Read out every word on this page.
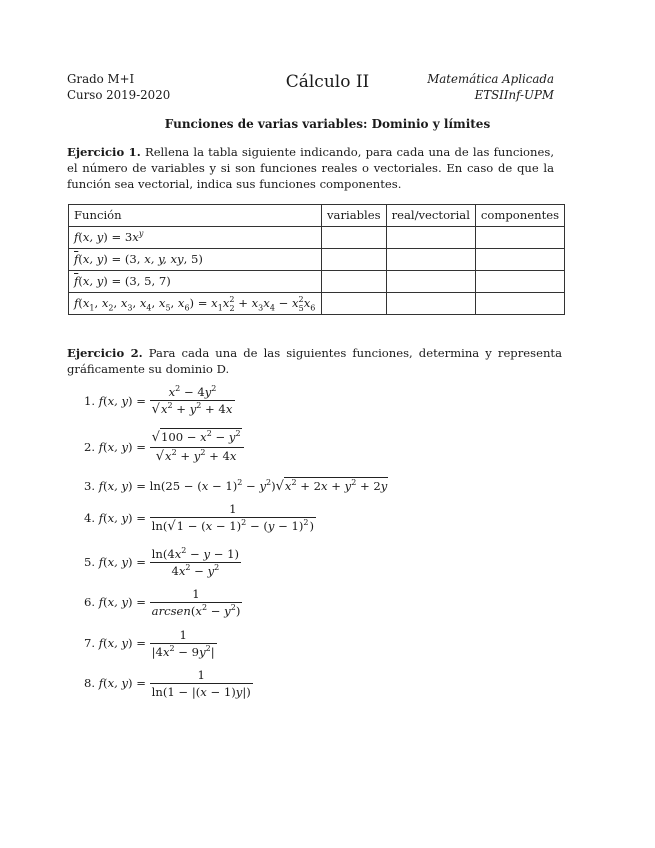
Grado M+I
Curso 2019-2020
Cálculo II	Matemática Aplicada
ETSIInf-UPM
Funciones de varias variables: Dominio y límites
Ejercicio 1. Rellena la tabla siguiente indicando, para cada una de las funciones, el número de variables y si son funciones reales o vectoriales. En caso de que la función sea vectorial, indica sus funciones componentes.
Función	variables	real/vectorial	componentes
f(x, $y) = 3x^y$			
$\overline{f}(x$, y) = (3, x, y, xy, 5)			
$\overline{f}(x$, y) = (3, 5, 7)			
$f(x_1$, $x_2$, $x_3$, $x_4$, $x_5$, $x_6) = x_1x^2_2 + x_3x_4 - x^2_5x_6$			
Ejercicio 2. Para cada una de las siguientes funciones, determina y representa gráficamente su dominio D.
1. f(x, $y) = \frac{x^2 - 4y^2}{√x^2 + y^2 + 4x}$
2. f(x, $y) = \frac{√100 - x^2 - y^2}{√x^2 + y^2 + 4x}$
3. f(x, $y) = \ln(25 - (x - 1)^2 - y^2)√x^2 + 2x + y^2 + 2y$
4. f(x, $y) = \frac{1}{\ln(√1 - (x - 1)^2 - (y - 1)^2)}$
5. f(x, $y) = \frac{\ln(4x^2 - y - 1)}{4x^2 - y^2}$
6. f(x, $y) = \frac{1}{arcsen(x^2 - y^2)}$
7. f(x, $y) = \frac{1}{|4x^2 - 9y^2|}$
8. f(x, $y) = \frac{1}{\ln(1 - |(x - 1)y|)}$
